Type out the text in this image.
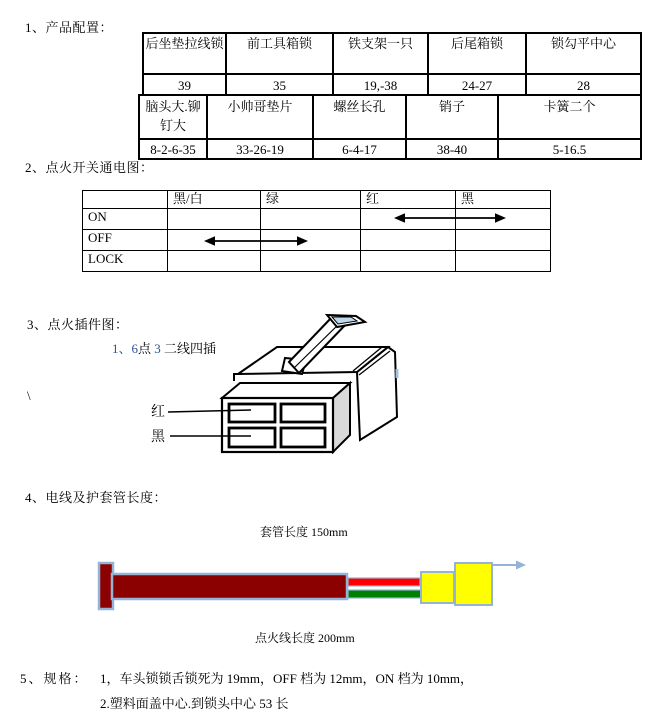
1、产品配置：
后坐垫拉线锁	前工具箱锁	铁支架一只	后尾箱锁	锁勾平中心
39	35	19,-38	24-27	28
脑头大.铆钉大	小帅哥垫片	螺丝长孔	销子	卡簧二个
8-2-6-35	33-26-19	6-4-17	38-40	5-16.5
2、点火开关通电图：
	黑/白	绿	红	黑
ON				
OFF				
LOCK				
3、点火插件图：
1、6点 3 二线四插
\
红
黑
4、电线及护套管长度：
套管长度 150mm
点火线长度 200mm
5、规格： 1，车头锁锁舌锁死为 19mm，OFF 档为 12mm，ON 档为 10mm，
2.塑料面盖中心.到锁头中心 53 长
